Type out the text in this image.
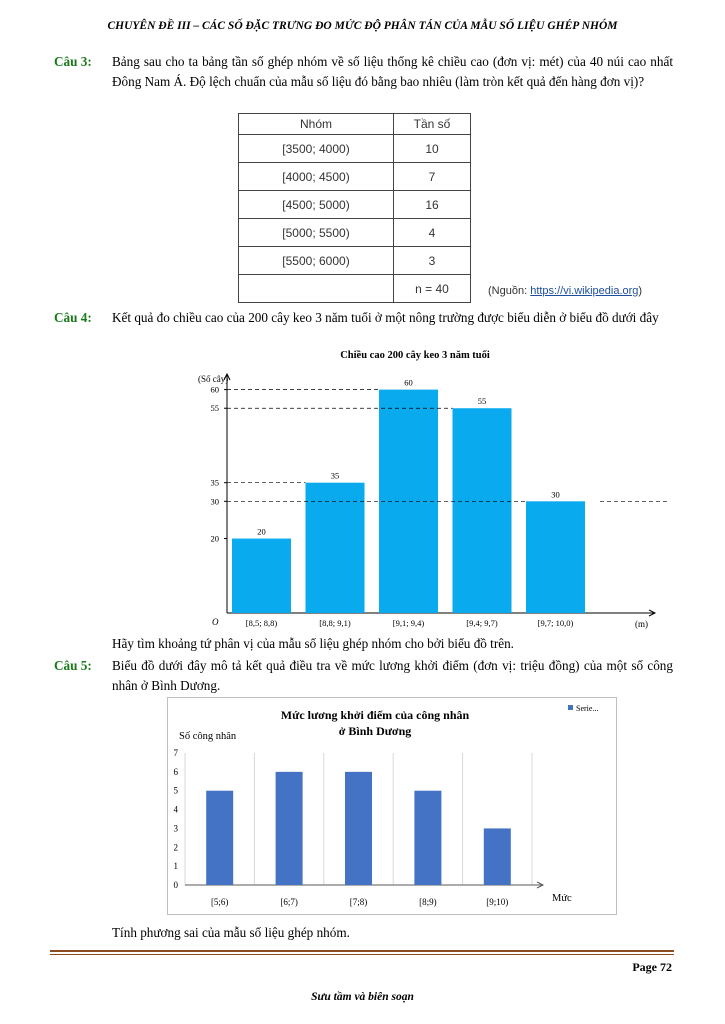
CHUYÊN ĐỀ III – CÁC SỐ ĐẶC TRƯNG ĐO MỨC ĐỘ PHÂN TÁN CỦA MẪU SỐ LIỆU GHÉP NHÓM
Câu 3: Bảng sau cho ta bảng tần số ghép nhóm về số liệu thống kê chiều cao (đơn vị: mét) của 40 núi cao nhất Đông Nam Á. Độ lệch chuẩn của mẫu số liệu đó bằng bao nhiêu (làm tròn kết quả đến hàng đơn vị)?
Nhóm	Tần số
[3500; 4000)	10
[4000; 4500)	7
[4500; 5000)	16
[5000; 5500)	4
[5500; 6000)	3
	n = 40	(Nguồn: https://vi.wikipedia.org)
Câu 4: Kết quả đo chiều cao của 200 cây keo 3 năm tuổi ở một nông trường được biểu diễn ở biểu đồ dưới đây
Chiều cao 200 cây keo 3 năm tuổi
(Số cây)
(m)
O
20
[8,5; 8,8)
35
[8,8; 9,1)
60
[9,1; 9,4)
55
[9,4; 9,7)
30
[9,7; 10,0)
20
30
35
55
60
Hãy tìm khoảng tứ phân vị của mẫu số liệu ghép nhóm cho bởi biểu đồ trên.
Câu 5: Biểu đồ dưới đây mô tả kết quả điều tra về mức lương khởi điểm (đơn vị: triệu đồng) của một số công nhân ở Bình Dương.
Mức lương khởi điểm của công nhân
ở Bình Dương
Serie...
Số công nhân
0
1
2
3
4
5
6
7
[5;6)	[6;7)	[7;8)	[8;9)	[9;10)	Mức
Tính phương sai của mẫu số liệu ghép nhóm.
Page 72
Sưu tầm và biên soạn
